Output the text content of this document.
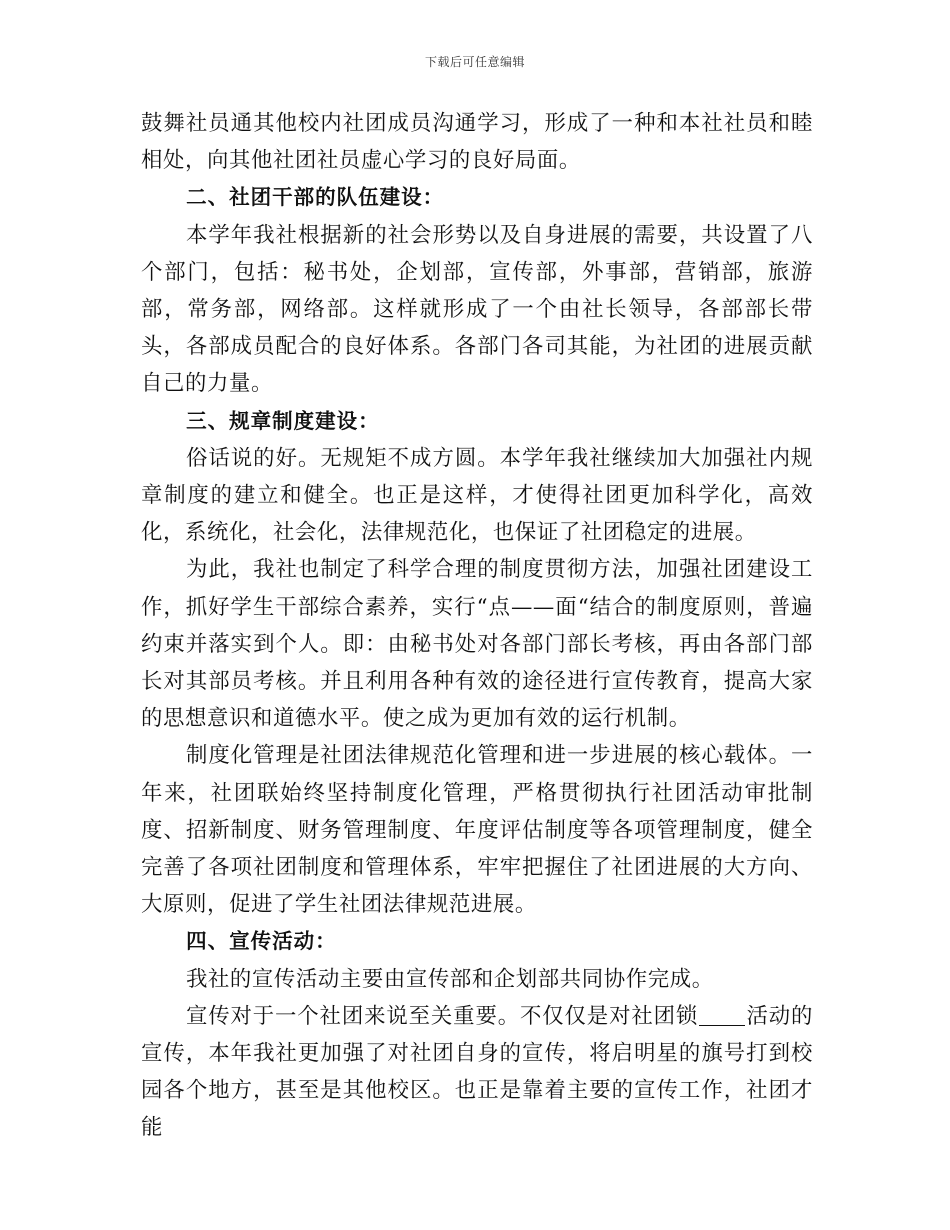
下载后可任意编辑

鼓舞社员通其他校内社团成员沟通学习，形成了一种和本社社员和睦相处，向其他社团社员虚心学习的良好局面。

二、社团干部的队伍建设：

本学年我社根据新的社会形势以及自身进展的需要，共设置了八个部门，包括：秘书处，企划部，宣传部，外事部，营销部，旅游部，常务部，网络部。这样就形成了一个由社长领导，各部部长带头，各部成员配合的良好体系。各部门各司其能，为社团的进展贡献自己的力量。

三、规章制度建设：

俗话说的好。无规矩不成方圆。本学年我社继续加大加强社内规章制度的建立和健全。也正是这样，才使得社团更加科学化，高效化，系统化，社会化，法律规范化，也保证了社团稳定的进展。

为此，我社也制定了科学合理的制度贯彻方法，加强社团建设工作，抓好学生干部综合素养，实行“点——面“结合的制度原则，普遍约束并落实到个人。即：由秘书处对各部门部长考核，再由各部门部长对其部员考核。并且利用各种有效的途径进行宣传教育，提高大家的思想意识和道德水平。使之成为更加有效的运行机制。

制度化管理是社团法律规范化管理和进一步进展的核心载体。一年来，社团联始终坚持制度化管理，严格贯彻执行社团活动审批制度、招新制度、财务管理制度、年度评估制度等各项管理制度，健全完善了各项社团制度和管理体系，牢牢把握住了社团进展的大方向、大原则，促进了学生社团法律规范进展。

四、宣传活动：

我社的宣传活动主要由宣传部和企划部共同协作完成。

宣传对于一个社团来说至关重要。不仅仅是对社团锁 活动的宣传，本年我社更加强了对社团自身的宣传，将启明星的旗号打到校园各个地方，甚至是其他校区。也正是靠着主要的宣传工作，社团才能
